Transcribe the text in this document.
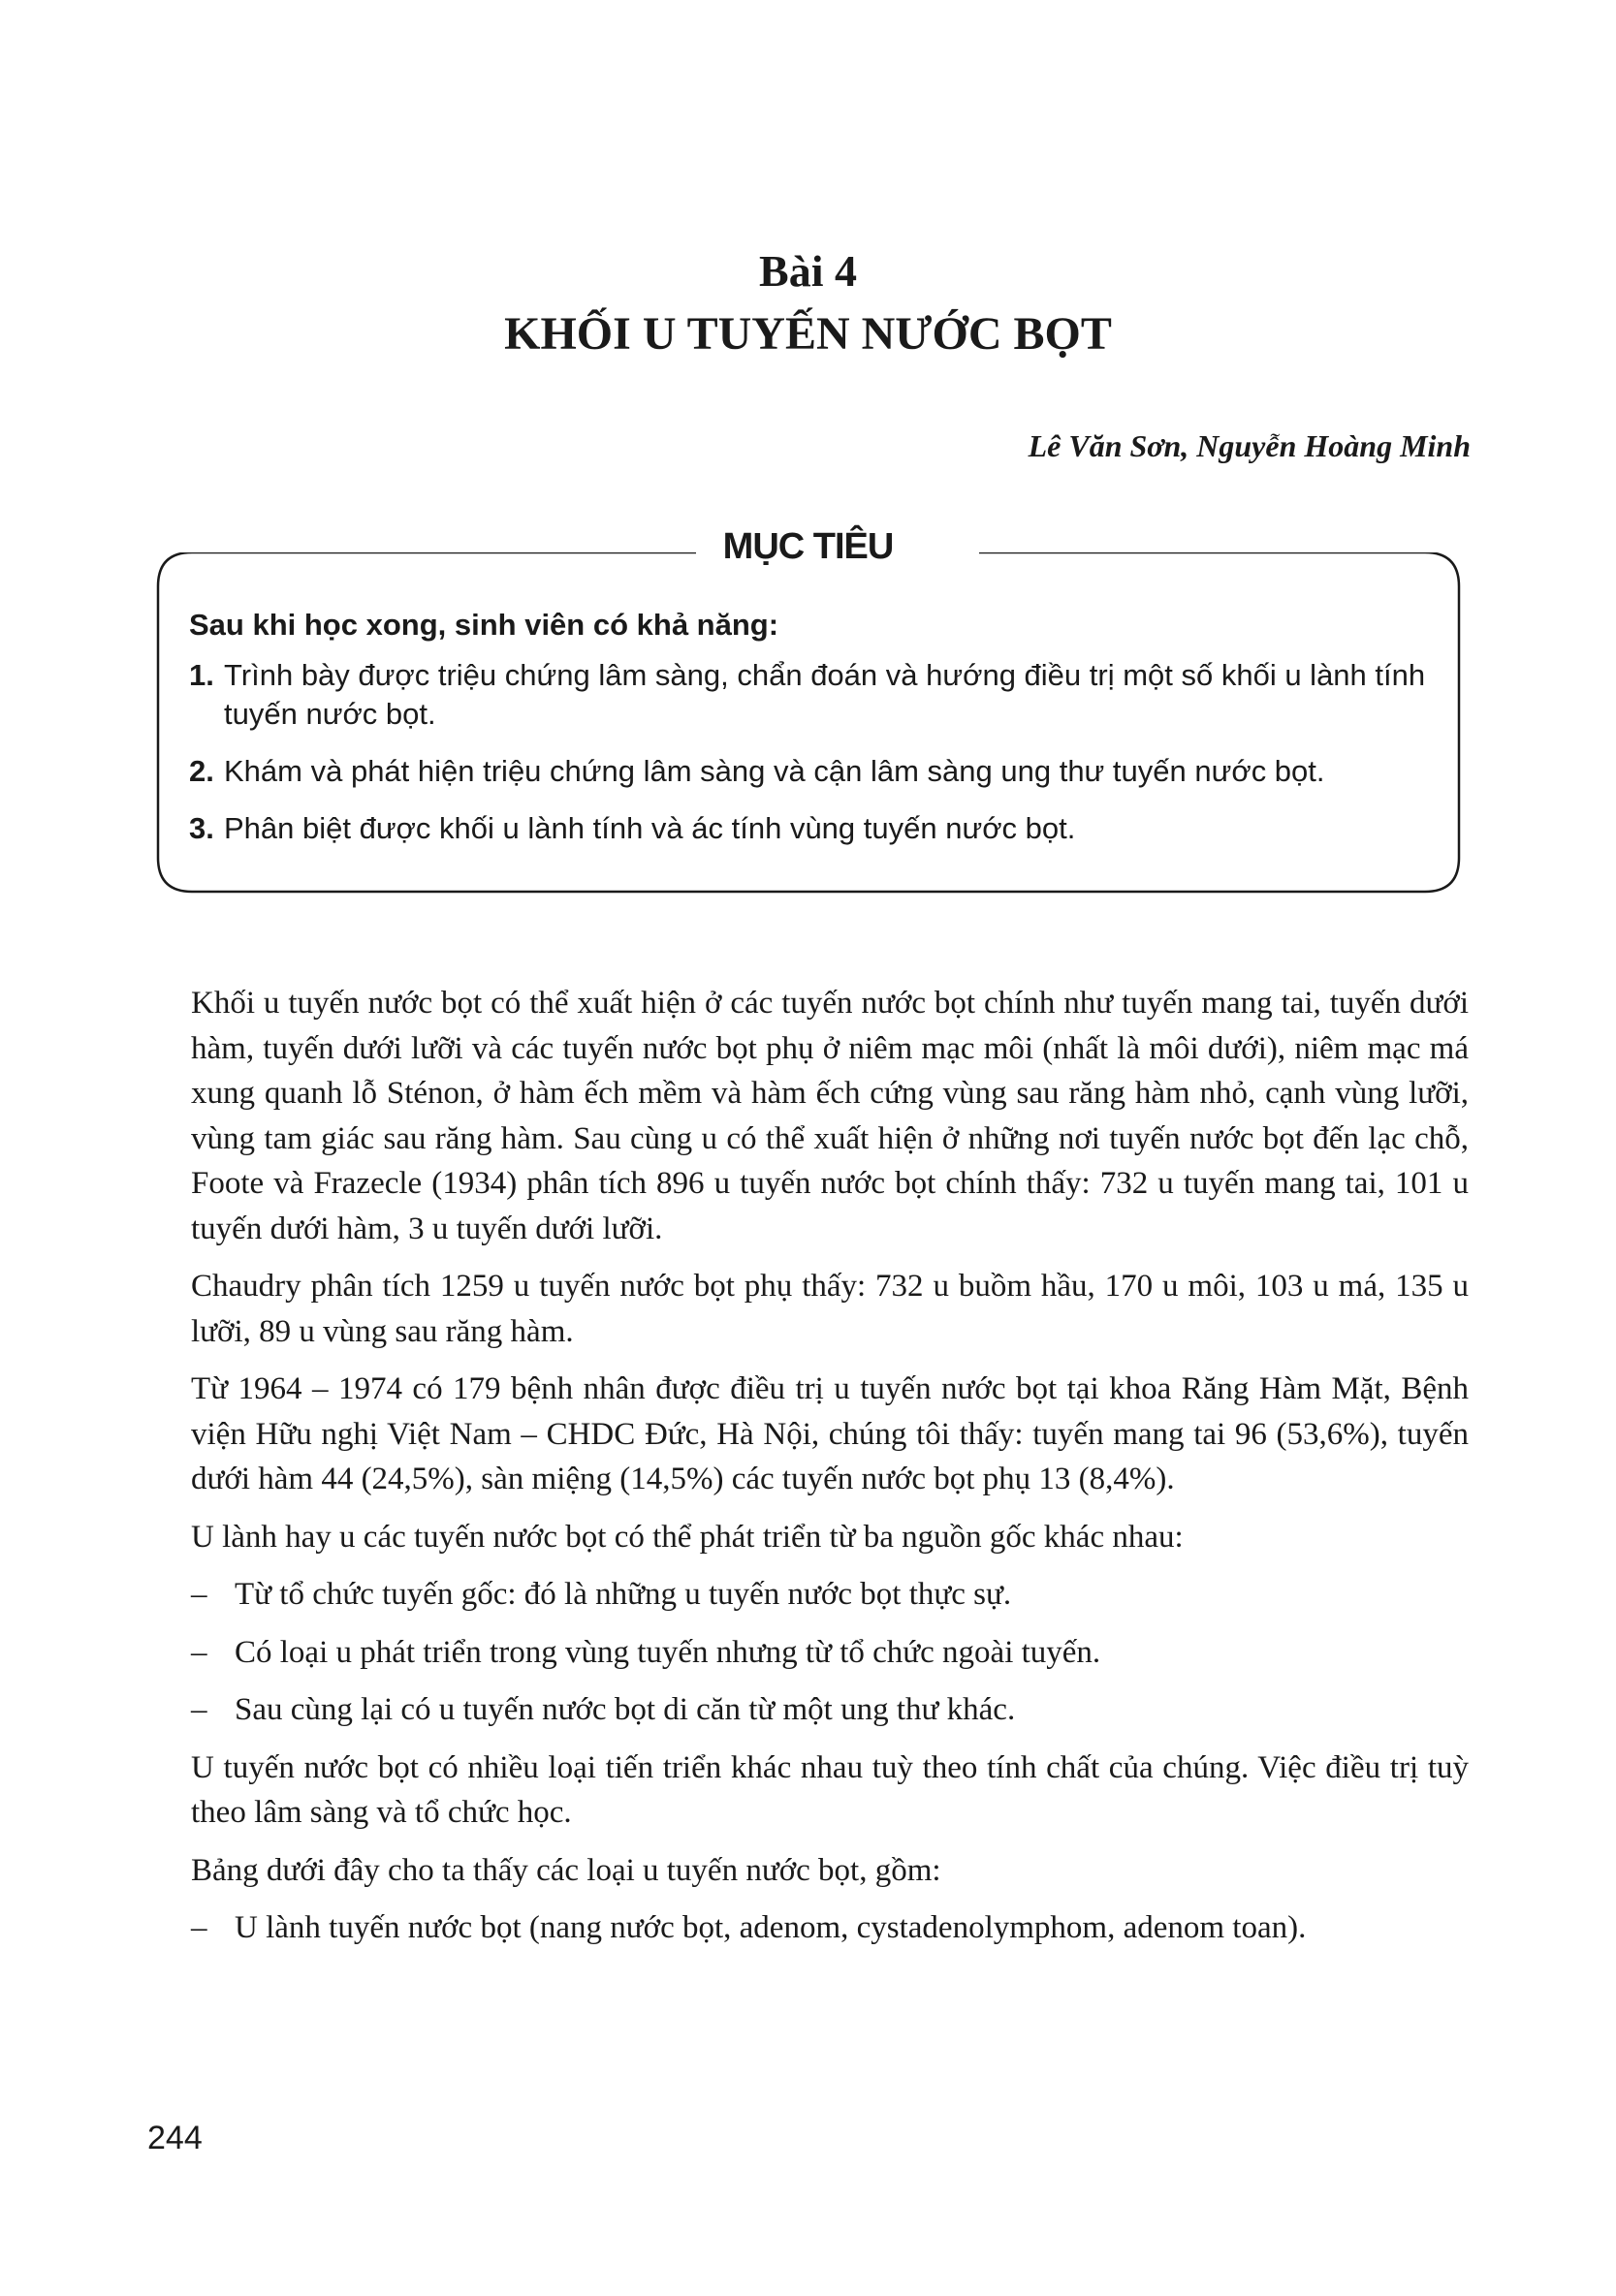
Bài 4
KHỐI U TUYẾN NƯỚC BỌT
Lê Văn Sơn, Nguyễn Hoàng Minh
MỤC TIÊU
Sau khi học xong, sinh viên có khả năng:
1. Trình bày được triệu chứng lâm sàng, chẩn đoán và hướng điều trị một số khối u lành tính tuyến nước bọt.
2. Khám và phát hiện triệu chứng lâm sàng và cận lâm sàng ung thư tuyến nước bọt.
3. Phân biệt được khối u lành tính và ác tính vùng tuyến nước bọt.

Khối u tuyến nước bọt có thể xuất hiện ở các tuyến nước bọt chính như tuyến mang tai, tuyến dưới hàm, tuyến dưới lưỡi và các tuyến nước bọt phụ ở niêm mạc môi (nhất là môi dưới), niêm mạc má xung quanh lỗ Sténon, ở hàm ếch mềm và hàm ếch cứng vùng sau răng hàm nhỏ, cạnh vùng lưỡi, vùng tam giác sau răng hàm. Sau cùng u có thể xuất hiện ở những nơi tuyến nước bọt đến lạc chỗ, Foote và Frazecle (1934) phân tích 896 u tuyến nước bọt chính thấy: 732 u tuyến mang tai, 101 u tuyến dưới hàm, 3 u tuyến dưới lưỡi.

Chaudry phân tích 1259 u tuyến nước bọt phụ thấy: 732 u buồm hầu, 170 u môi, 103 u má, 135 u lưỡi, 89 u vùng sau răng hàm.

Từ 1964 – 1974 có 179 bệnh nhân được điều trị u tuyến nước bọt tại khoa Răng Hàm Mặt, Bệnh viện Hữu nghị Việt Nam – CHDC Đức, Hà Nội, chúng tôi thấy: tuyến mang tai 96 (53,6%), tuyến dưới hàm 44 (24,5%), sàn miệng (14,5%) các tuyến nước bọt phụ 13 (8,4%).

U lành hay u các tuyến nước bọt có thể phát triển từ ba nguồn gốc khác nhau:

– Từ tổ chức tuyến gốc: đó là những u tuyến nước bọt thực sự.
– Có loại u phát triển trong vùng tuyến nhưng từ tổ chức ngoài tuyến.
– Sau cùng lại có u tuyến nước bọt di căn từ một ung thư khác.

U tuyến nước bọt có nhiều loại tiến triển khác nhau tuỳ theo tính chất của chúng. Việc điều trị tuỳ theo lâm sàng và tổ chức học.

Bảng dưới đây cho ta thấy các loại u tuyến nước bọt, gồm:

– U lành tuyến nước bọt (nang nước bọt, adenom, cystadenolymphom, adenom toan).
244
